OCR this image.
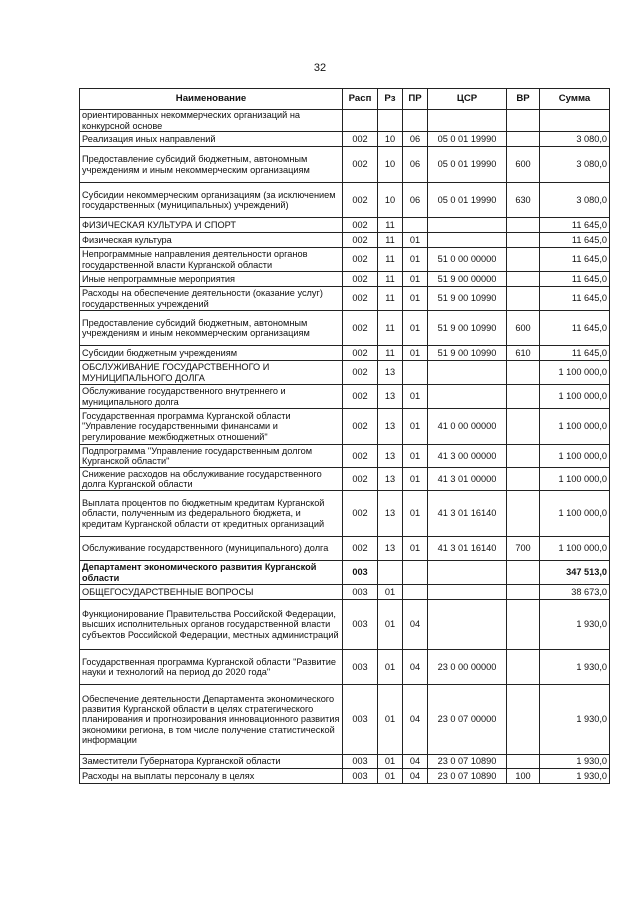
32
Наименование	Расп	Рз	ПР	ЦСР	ВР	Сумма
ориентированных некоммерческих организаций на конкурсной основе						
Реализация иных направлений	002	10	06	05 0 01 19990		3 080,0
Предоставление субсидий бюджетным, автономным учреждениям и иным некоммерческим организациям	002	10	06	05 0 01 19990	600	3 080,0
Субсидии некоммерческим организациям (за исключением государственных (муниципальных) учреждений)	002	10	06	05 0 01 19990	630	3 080,0
ФИЗИЧЕСКАЯ КУЛЬТУРА И СПОРТ	002	11				11 645,0
Физическая культура	002	11	01			11 645,0
Непрограммные направления деятельности органов государственной власти Курганской области	002	11	01	51 0 00 00000		11 645,0
Иные непрограммные мероприятия	002	11	01	51 9 00 00000		11 645,0
Расходы на обеспечение деятельности (оказание услуг) государственных учреждений	002	11	01	51 9 00 10990		11 645,0
Предоставление субсидий бюджетным, автономным учреждениям и иным некоммерческим организациям	002	11	01	51 9 00 10990	600	11 645,0
Субсидии бюджетным учреждениям	002	11	01	51 9 00 10990	610	11 645,0
ОБСЛУЖИВАНИЕ ГОСУДАРСТВЕННОГО И МУНИЦИПАЛЬНОГО ДОЛГА	002	13				1 100 000,0
Обслуживание государственного внутреннего и муниципального долга	002	13	01			1 100 000,0
Государственная программа Курганской области "Управление государственными финансами и регулирование межбюджетных отношений"	002	13	01	41 0 00 00000		1 100 000,0
Подпрограмма "Управление государственным долгом Курганской области"	002	13	01	41 3 00 00000		1 100 000,0
Снижение расходов на обслуживание государственного долга Курганской области	002	13	01	41 3 01 00000		1 100 000,0
Выплата процентов по бюджетным кредитам Курганской области, полученным из федерального бюджета, и кредитам Курганской области от кредитных организаций	002	13	01	41 3 01 16140		1 100 000,0
Обслуживание государственного (муниципального) долга	002	13	01	41 3 01 16140	700	1 100 000,0
Департамент экономического развития Курганской области	003					347 513,0
ОБЩЕГОСУДАРСТВЕННЫЕ ВОПРОСЫ	003	01				38 673,0
Функционирование Правительства Российской Федерации, высших исполнительных органов государственной власти субъектов Российской Федерации, местных администраций	003	01	04			1 930,0
Государственная программа Курганской области "Развитие науки и технологий на период до 2020 года"	003	01	04	23 0 00 00000		1 930,0
Обеспечение деятельности Департамента экономического развития Курганской области в целях стратегического планирования и прогнозирования инновационного развития экономики региона, в том числе получение статистической информации	003	01	04	23 0 07 00000		1 930,0
Заместители Губернатора Курганской области	003	01	04	23 0 07 10890		1 930,0
Расходы на выплаты персоналу в целях	003	01	04	23 0 07 10890	100	1 930,0
